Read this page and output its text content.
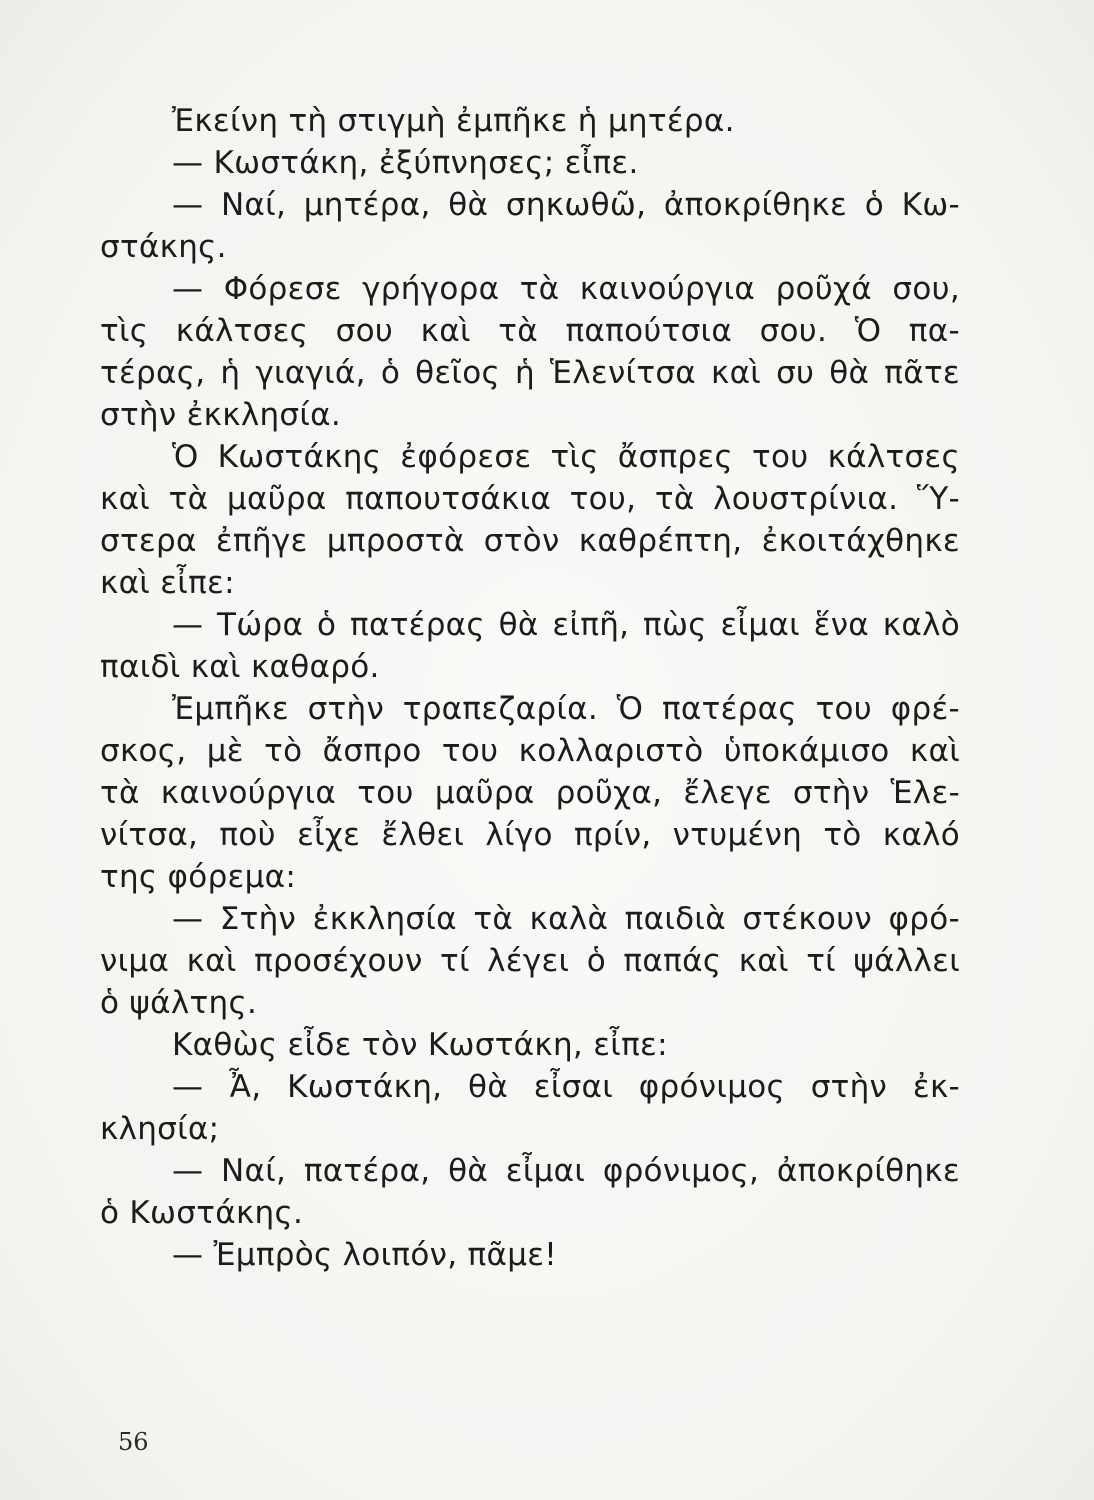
Ἐκείνη τὴ στιγμὴ ἐμπῆκε ἡ μητέρα.
— Κωστάκη, ἐξύπνησες; εἶπε.
— Ναί, μητέρα, θὰ σηκωθῶ, ἀποκρίθηκε ὁ Κω-
στάκης.
— Φόρεσε γρήγορα τὰ καινούργια ροῦχά σου,
τὶς κάλτσες σου καὶ τὰ παπούτσια σου. Ὁ πα-
τέρας, ἡ γιαγιά, ὁ θεῖος ἡ Ἑλενίτσα καὶ συ θὰ πᾶτε
στὴν ἐκκλησία.
Ὁ Κωστάκης ἐφόρεσε τὶς ἄσπρες του κάλτσες
καὶ τὰ μαῦρα παπουτσάκια του, τὰ λουστρίνια. Ὕ-
στερα ἐπῆγε μπροστὰ στὸν καθρέπτη, ἐκοιτάχθηκε
καὶ εἶπε:
— Τώρα ὁ πατέρας θὰ εἰπῆ, πὼς εἶμαι ἕνα καλὸ
παιδὶ καὶ καθαρό.
Ἐμπῆκε στὴν τραπεζαρία. Ὁ πατέρας του φρέ-
σκος, μὲ τὸ ἄσπρο του κολλαριστὸ ὑποκάμισο καὶ
τὰ καινούργια του μαῦρα ροῦχα, ἔλεγε στὴν Ἑλε-
νίτσα, ποὺ εἶχε ἔλθει λίγο πρίν, ντυμένη τὸ καλό
της φόρεμα:
— Στὴν ἐκκλησία τὰ καλὰ παιδιὰ στέκουν φρό-
νιμα καὶ προσέχουν τί λέγει ὁ παπάς καὶ τί ψάλλει
ὁ ψάλτης.
Καθὼς εἶδε τὸν Κωστάκη, εἶπε:
— Ἆ, Κωστάκη, θὰ εἶσαι φρόνιμος στὴν ἐκ-
κλησία;
— Ναί, πατέρα, θὰ εἶμαι φρόνιμος, ἀποκρίθηκε
ὁ Κωστάκης.
— Ἐμπρὸς λοιπόν, πᾶμε!
56
